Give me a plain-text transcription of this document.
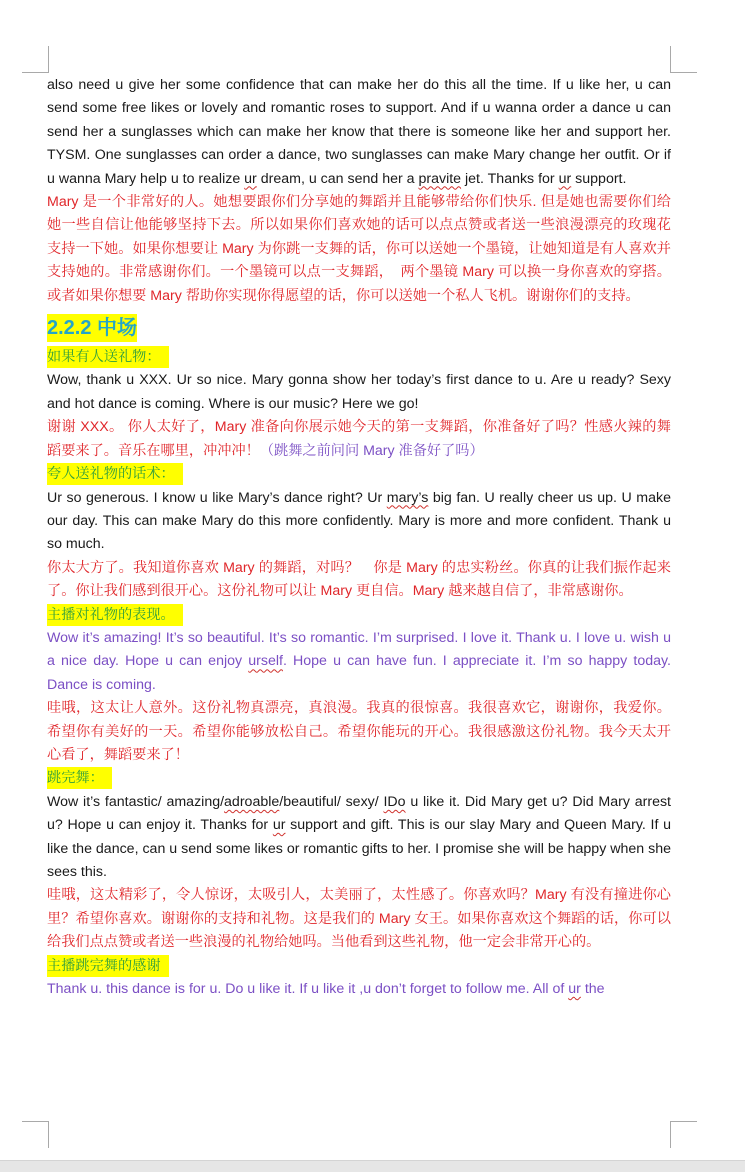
also need u give her some confidence that can make her do this all the time. If u like her, u can send some free likes or lovely and romantic roses to support. And if u wanna order a dance u can send her a sunglasses which can make her know that there is someone like her and support her. TYSM. One sunglasses can order a dance, two sunglasses can make Mary change her outfit. Or if u wanna Mary help u to realize ur dream, u can send her a pravite jet. Thanks for ur support.

Mary 是一个非常好的人。她想要跟你们分享她的舞蹈并且能够带给你们快乐. 但是她也需要你们给她一些自信让他能够坚持下去。所以如果你们喜欢她的话可以点点赞或者送一些浪漫漂亮的玫瑰花支持一下她。如果你想要让 Mary 为你跳一支舞的话，你可以送她一个墨镜，让她知道是有人喜欢并支持她的。非常感谢你们。一个墨镜可以点一支舞蹈，　两个墨镜 Mary 可以换一身你喜欢的穿搭。或者如果你想要 Mary 帮助你实现你得愿望的话，你可以送她一个私人飞机。谢谢你们的支持。

2.2.2 中场
如果有人送礼物：

Wow, thank u XXX. Ur so nice. Mary gonna show her today’s first dance to u. Are u ready? Sexy and hot dance is coming. Where is our music? Here we go!

谢谢 XXX。 你人太好了，Mary 准备向你展示她今天的第一支舞蹈，你准备好了吗？性感火辣的舞蹈要来了。音乐在哪里，冲冲冲！（跳舞之前问问 Mary 准备好了吗）

夸人送礼物的话术：

Ur so generous. I know u like Mary’s dance right? Ur mary’s big fan. U really cheer us up. U make our day. This can make Mary do this more confidently. Mary is more and more confident. Thank u so much.

你太大方了。我知道你喜欢 Mary 的舞蹈，对吗？　你是 Mary 的忠实粉丝。你真的让我们振作起来了。你让我们感到很开心。这份礼物可以让 Mary 更自信。Mary 越来越自信了，非常感谢你。

主播对礼物的表现。

Wow it’s amazing! It’s so beautiful. It’s so romantic. I’m surprised. I love it. Thank u. I love u. wish u a nice day. Hope u can enjoy urself. Hope u can have fun. I appreciate it. I’m so happy today. Dance is coming.

哇哦，这太让人意外。这份礼物真漂亮，真浪漫。我真的很惊喜。我很喜欢它，谢谢你，我爱你。希望你有美好的一天。希望你能够放松自己。希望你能玩的开心。我很感激这份礼物。我今天太开心看了，舞蹈要来了！

跳完舞：

Wow it’s fantastic/ amazing/adroable/beautiful/ sexy/ IDo u like it. Did Mary get u? Did Mary arrest u? Hope u can enjoy it. Thanks for ur support and gift. This is our slay Mary and Queen Mary. If u like the dance, can u send some likes or romantic gifts to her. I promise she will be happy when she sees this.

哇哦，这太精彩了，令人惊讶，太吸引人，太美丽了，太性感了。你喜欢吗？Mary 有没有撞进你心里？希望你喜欢。谢谢你的支持和礼物。这是我们的 Mary 女王。如果你喜欢这个舞蹈的话，你可以给我们点点赞或者送一些浪漫的礼物给她吗。当他看到这些礼物，他一定会非常开心的。

主播跳完舞的感谢

Thank u. this dance is for u. Do u like it. If u like it ,u don’t forget to follow me. All of ur the
